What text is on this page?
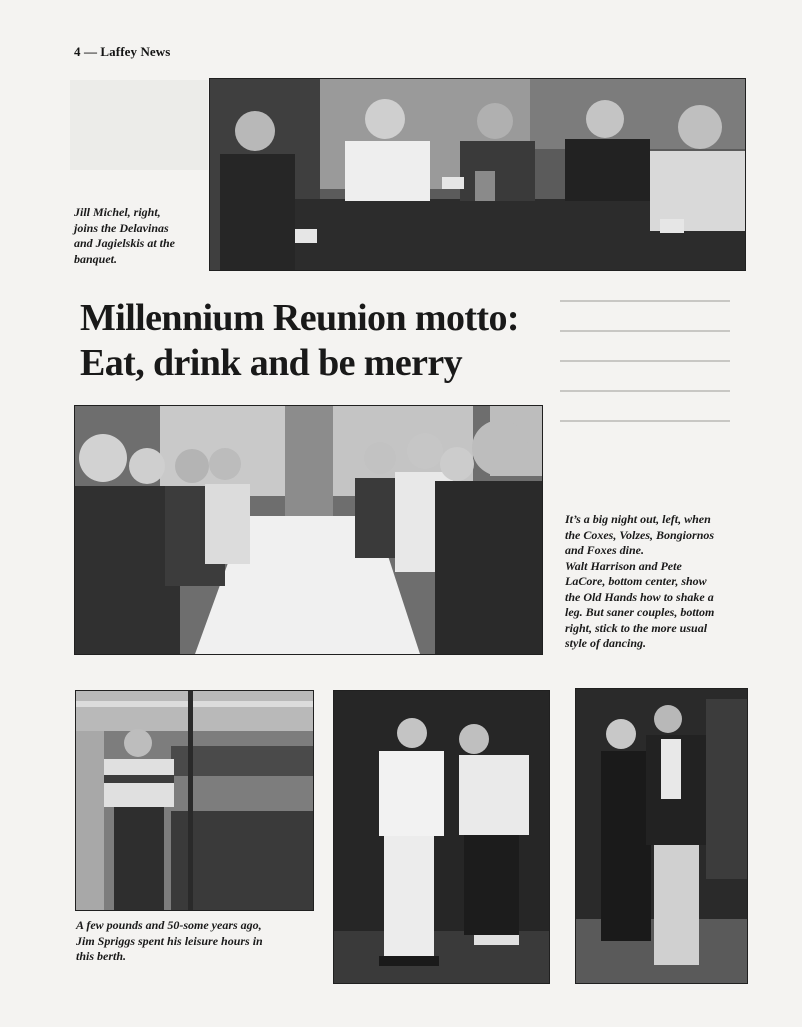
4 — Laffey News
Jill Michel, right,
joins the Delavinas
and Jagielskis at the
banquet.
Millennium Reunion motto:
Eat, drink and be merry
It’s a big night out, left, when
the Coxes, Volzes, Bongiornos
and Foxes dine.
Walt Harrison and Pete
LaCore, bottom center, show
the Old Hands how to shake a
leg. But saner couples, bottom
right, stick to the more usual
style of dancing.
A few pounds and 50-some years ago,
Jim Spriggs spent his leisure hours in
this berth.
